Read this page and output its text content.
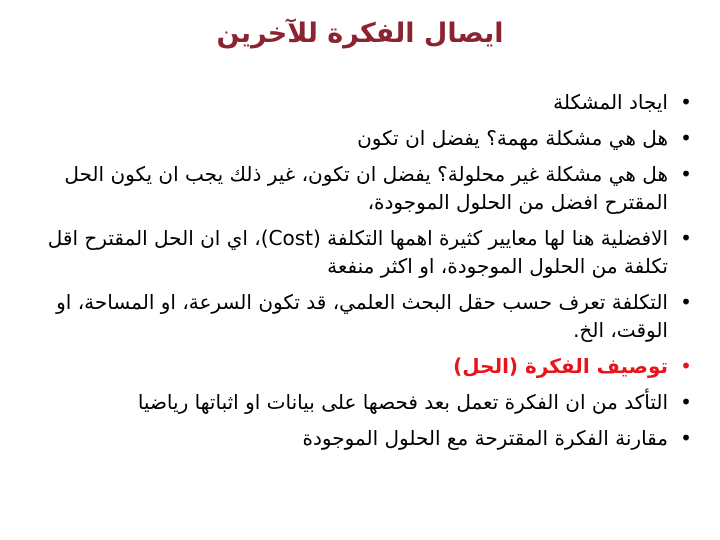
ايصال الفكرة للآخرين
•
ايجاد المشكلة
•
هل هي مشكلة مهمة؟ يفضل ان تكون
•
هل هي مشكلة غير محلولة؟ يفضل ان تكون، غير ذلك يجب ان يكون الحل المقترح افضل من الحلول الموجودة،
•
الافضلية هنا لها معايير كثيرة اهمها التكلفة (Cost)، اي ان الحل المقترح اقل تكلفة من الحلول الموجودة، او اكثر منفعة
•
التكلفة تعرف حسب حقل البحث العلمي، قد تكون السرعة، او المساحة، او الوقت، الخ.
•
توصيف الفكرة (الحل)
•
التأكد من ان الفكرة تعمل بعد فحصها على بيانات او اثباتها رياضيا
•
مقارنة الفكرة المقترحة مع الحلول الموجودة
